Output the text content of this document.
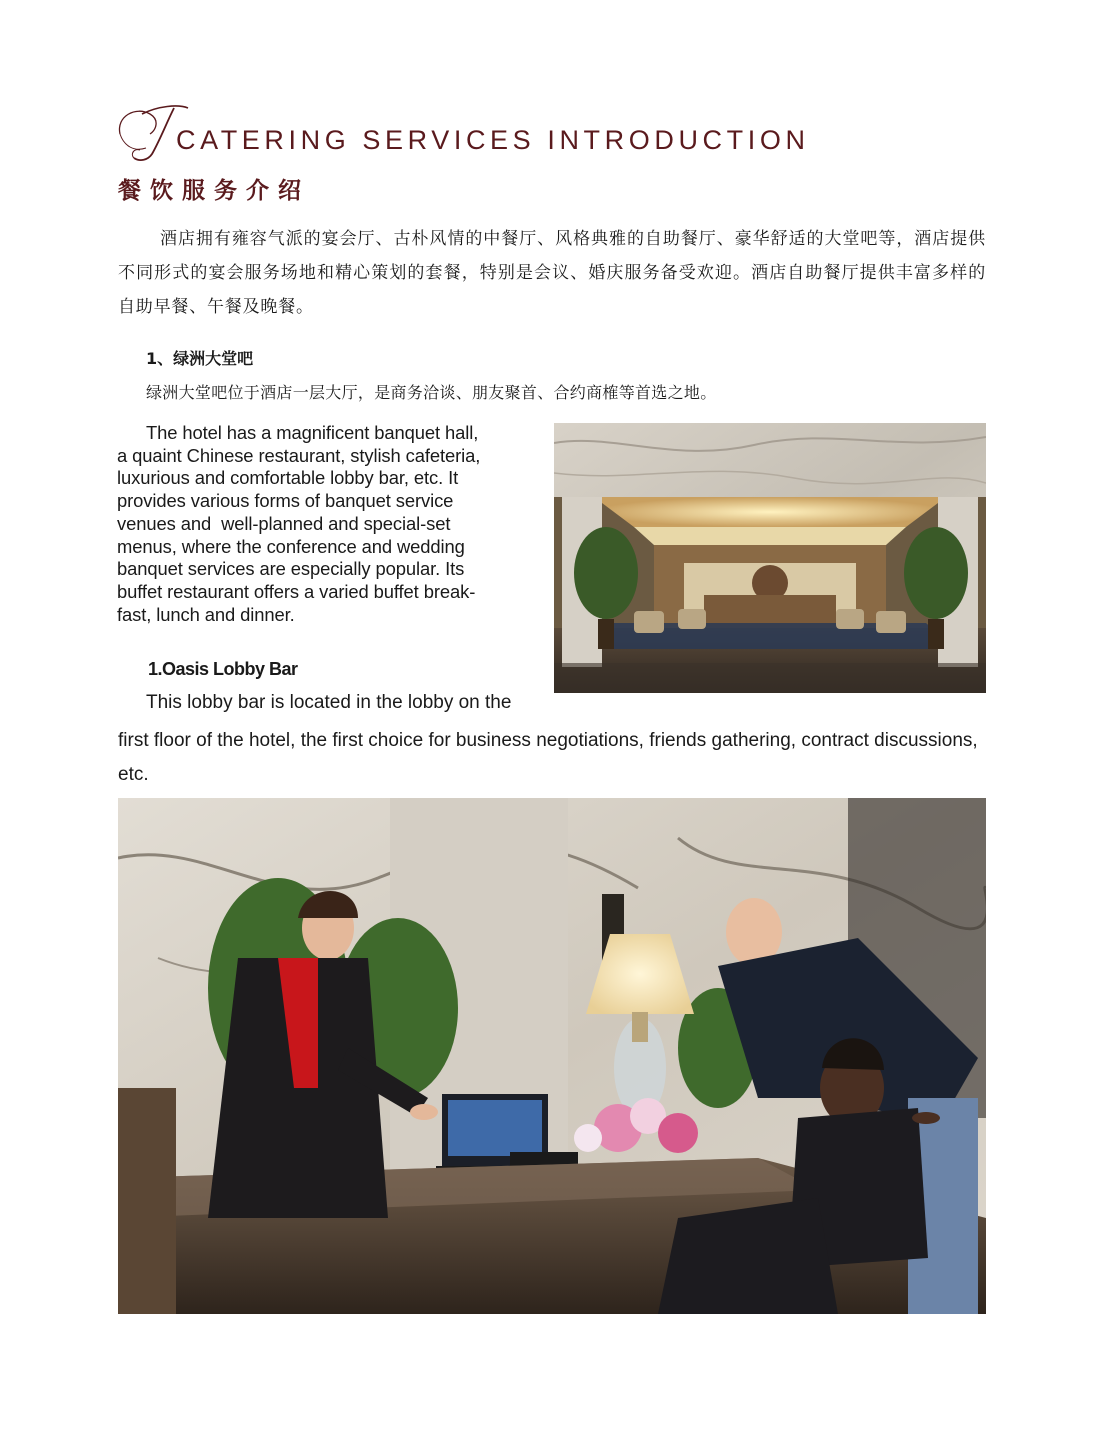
CATERING SERVICES INTRODUCTION
餐饮服务介绍
酒店拥有雍容气派的宴会厅、古朴风情的中餐厅、风格典雅的自助餐厅、豪华舒适的大堂吧等，酒店提供不同形式的宴会服务场地和精心策划的套餐，特别是会议、婚庆服务备受欢迎。酒店自助餐厅提供丰富多样的自助早餐、午餐及晚餐。
1、绿洲大堂吧
绿洲大堂吧位于酒店一层大厅，是商务洽谈、朋友聚首、合约商榷等首选之地。
The hotel has a magnificent banquet hall,
a quaint Chinese restaurant, stylish cafeteria,
luxurious and comfortable lobby bar, etc. It
provides various forms of banquet service
venues and  well-planned and special-set
menus, where the conference and wedding
banquet services are especially popular. Its
buffet restaurant offers a varied buffet break-
fast, lunch and dinner.
1.Oasis Lobby Bar
This lobby bar is located in the lobby on the
first floor of the hotel, the first choice for business negotiations, friends gathering, contract discussions, etc.
